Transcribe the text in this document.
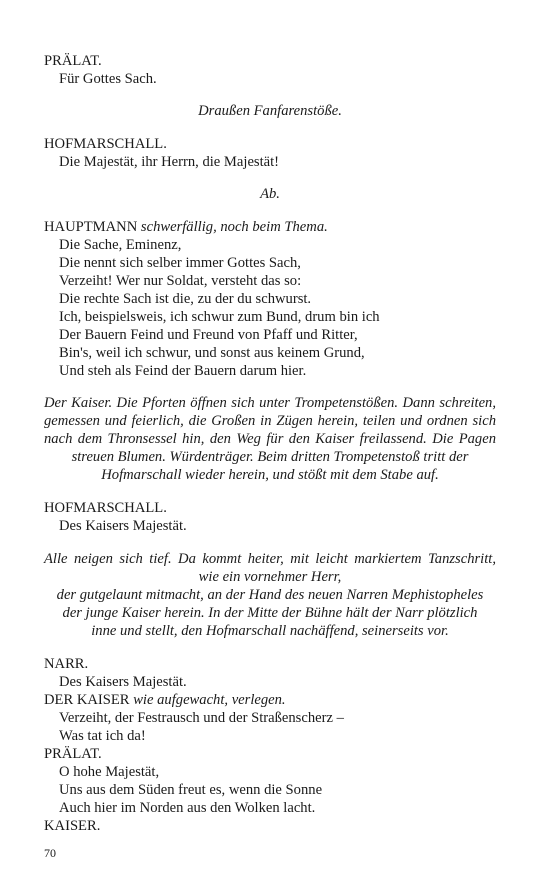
PRÄLAT.
Für Gottes Sach.
Draußen Fanfarenstöße.
HOFMARSCHALL.
Die Majestät, ihr Herrn, die Majestät!
Ab.
HAUPTMANN schwerfällig, noch beim Thema.
Die Sache, Eminenz,
Die nennt sich selber immer Gottes Sach,
Verzeiht! Wer nur Soldat, versteht das so:
Die rechte Sach ist die, zu der du schwurst.
Ich, beispielsweis, ich schwur zum Bund, drum bin ich
Der Bauern Feind und Freund von Pfaff und Ritter,
Bin's, weil ich schwur, und sonst aus keinem Grund,
Und steh als Feind der Bauern darum hier.
Der Kaiser. Die Pforten öffnen sich unter Trompetenstößen. Dann schreiten,
gemessen und feierlich, die Großen in Zügen herein, teilen und ordnen sich
nach dem Thronsessel hin, den Weg für den Kaiser freilassend. Die Pagen
streuen Blumen. Würdenträger. Beim dritten Trompetenstoß tritt der
Hofmarschall wieder herein, und stößt mit dem Stabe auf.
HOFMARSCHALL.
Des Kaisers Majestät.
Alle neigen sich tief. Da kommt heiter, mit leicht markiertem Tanzschritt,
wie ein vornehmer Herr,
der gutgelaunt mitmacht, an der Hand des neuen Narren Mephistopheles
der junge Kaiser herein. In der Mitte der Bühne hält der Narr plötzlich
inne und stellt, den Hofmarschall nachäffend, seinerseits vor.
NARR.
Des Kaisers Majestät.
DER KAISER wie aufgewacht, verlegen.
Verzeiht, der Festrausch und der Straßenscherz –
Was tat ich da!
PRÄLAT.
O hohe Majestät,
Uns aus dem Süden freut es, wenn die Sonne
Auch hier im Norden aus den Wolken lacht.
KAISER.
70
